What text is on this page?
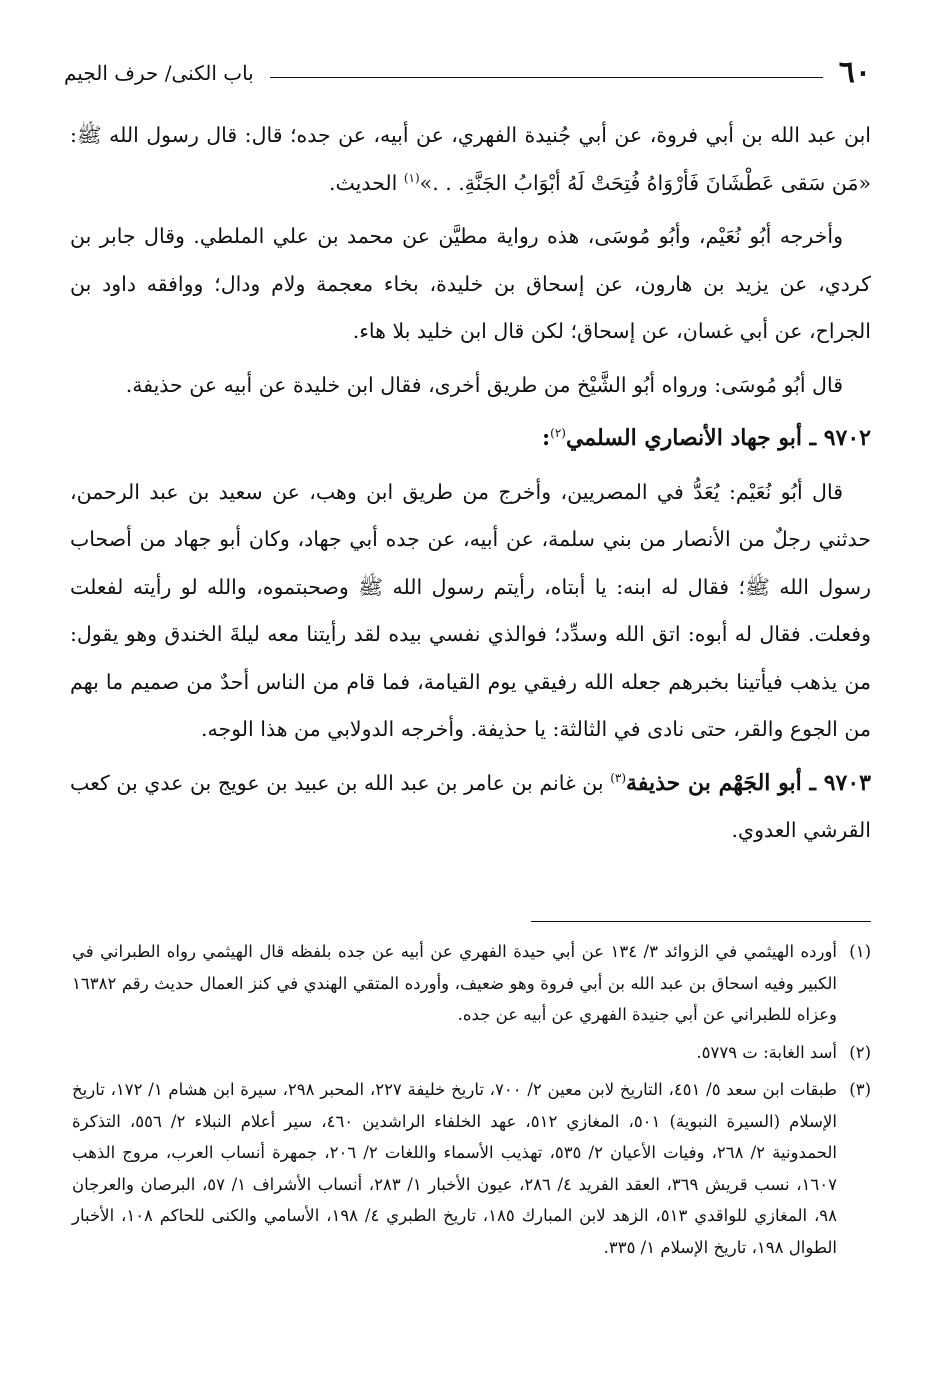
٦٠
باب الكنى/ حرف الجيم

ابن عبد الله بن أبي فروة، عن أبي جُنيدة الفهري، عن أبيه، عن جده؛ قال: قال رسول الله ﷺ: «مَن سَقى عَطْشَانَ فَأرْوَاهُ فُتِحَتْ لَهُ أبْوَابُ الجَنَّةِ. . .»$^{(١)}$ الحديث.

وأخرجه أبُو نُعَيْم، وأبُو مُوسَى، هذه رواية مطيَّن عن محمد بن علي الملطي. وقال جابر بن كردي، عن يزيد بن هارون، عن إسحاق بن خليدة، بخاء معجمة ولام ودال؛ ووافقه داود بن الجراح، عن أبي غسان، عن إسحاق؛ لكن قال ابن خليد بلا هاء.

قال أبُو مُوسَى: ورواه أبُو الشَّيْخ من طريق أخرى، فقال ابن خليدة عن أبيه عن حذيفة.

٩٧٠٢ ـ أبو جهاد الأنصاري السلمي$^{(٢)}$:

قال أبُو نُعَيْم: يُعَدُّ في المصريين، وأخرج من طريق ابن وهب، عن سعيد بن عبد الرحمن، حدثني رجلٌ من الأنصار من بني سلمة، عن أبيه، عن جده أبي جهاد، وكان أبو جهاد من أصحاب رسول الله ﷺ؛ فقال له ابنه: يا أبتاه، رأيتم رسول الله ﷺ وصحبتموه، والله لو رأيته لفعلت وفعلت. فقال له أبوه: اتق الله وسدِّد؛ فوالذي نفسي بيده لقد رأيتنا معه ليلةَ الخندق وهو يقول: من يذهب فيأتينا بخبرهم جعله الله رفيقي يوم القيامة، فما قام من الناس أحدٌ من صميم ما بهم من الجوع والقر، حتى نادى في الثالثة: يا حذيفة. وأخرجه الدولابي من هذا الوجه.

٩٧٠٣ ـ أبو الجَهْم بن حذيفة$^{(٣)}$ بن غانم بن عامر بن عبد الله بن عبيد بن عويج بن عدي بن كعب القرشي العدوي.

(١)أورده الهيثمي في الزوائد ٣/ ١٣٤ عن أبي حيدة الفهري عن أبيه عن جده بلفظه قال الهيثمي رواه الطبراني في الكبير وفيه اسحاق بن عبد الله بن أبي فروة وهو ضعيف، وأورده المتقي الهندي في كنز العمال حديث رقم ١٦٣٨٢ وعزاه للطبراني عن أبي جنيدة الفهري عن أبيه عن جده.

(٢)أسد الغابة: ت ٥٧٧٩.

(٣)طبقات ابن سعد ٥/ ٤٥١، التاريخ لابن معين ٢/ ٧٠٠، تاريخ خليفة ٢٢٧، المحبر ٢٩٨، سيرة ابن هشام ١/ ١٧٢، تاريخ الإسلام (السيرة النبوية) ٥٠١، المغازي ٥١٢، عهد الخلفاء الراشدين ٤٦٠، سير أعلام النبلاء ٢/ ٥٥٦، التذكرة الحمدونية ٢/ ٢٦٨، وفيات الأعيان ٢/ ٥٣٥، تهذيب الأسماء واللغات ٢/ ٢٠٦، جمهرة أنساب العرب، مروج الذهب ١٦٠٧، نسب قريش ٣٦٩، العقد الفريد ٤/ ٢٨٦، عيون الأخبار ١/ ٢٨٣، أنساب الأشراف ١/ ٥٧، البرصان والعرجان ٩٨، المغازي للواقدي ٥١٣، الزهد لابن المبارك ١٨٥، تاريخ الطبري ٤/ ١٩٨، الأسامي والكنى للحاكم ١٠٨، الأخبار الطوال ١٩٨، تاريخ الإسلام ١/ ٣٣٥.
